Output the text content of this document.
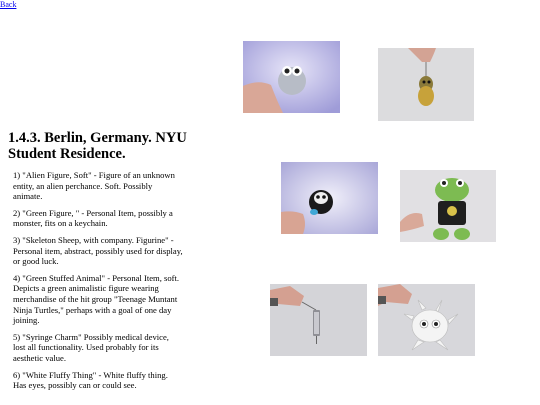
Back
1.4.3. Berlin, Germany. NYU Student Residence.
1) "Alien Figure, Soft" - Figure of an unknown entity, an alien perchance. Soft. Possibly animate.
2) "Green Figure, " - Personal Item, possibly a monster, fits on a keychain.
3) "Skeleton Sheep, with company. Figurine" - Personal item, abstract, possibly used for display, or good luck.
4) "Green Stuffed Animal" - Personal Item, soft. Depicts a green animalistic figure wearing merchandise of the hit group "Teenage Muntant Ninja Turtles," perhaps with a goal of one day joining.
5) "Syringe Charm" Possibly medical device, lost all functionality. Used probably for its aesthetic value.
6) "White Fluffy Thing" - White fluffy thing. Has eyes, possibly can or could see.
